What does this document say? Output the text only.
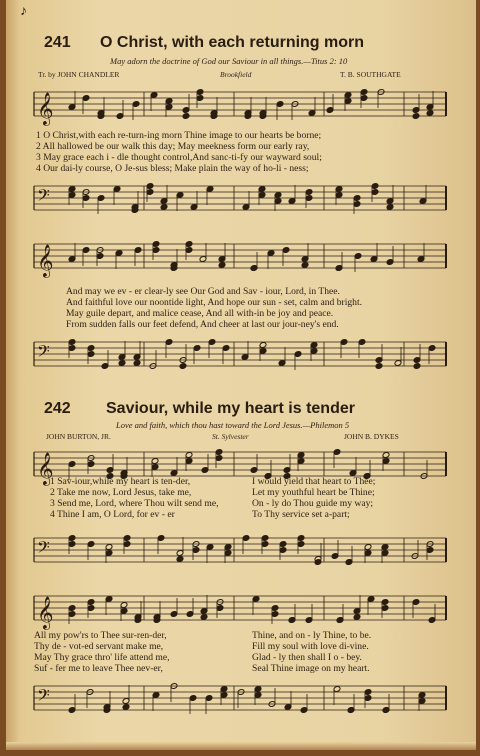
♪
241 O Christ, with each returning morn
May adorn the doctrine of God our Saviour in all things.—Titus 2: 10
Tr. by JOHN CHANDLER	Brookfield	T. B. SOUTHGATE
𝄞
1 O Christ,with each re-turn-ing morn Thine image to our hearts be borne;
2 All hallowed be our walk this day; May meekness form our early ray,
3 May grace each i - dle thought control,And sanc-ti-fy our wayward soul;
4 Our dai-ly course, O Je-sus bless; Make plain the way of ho-li - ness;
𝄢
𝄞
And may we ev - er clear-ly see Our God and Sav - iour, Lord, in Thee.
And faithful love our noontide light, And hope our sun - set, calm and bright.
May guile depart, and malice cease, And all with-in be joy and peace.
From sudden falls our feet defend, And cheer at last our jour-ney's end.
𝄢
242 Saviour, while my heart is tender
Love and faith, which thou hast toward the Lord Jesus.—Philemon 5
JOHN BURTON, JR.	St. Sylvester	JOHN B. DYKES
𝄞
1 Sav-iour,while my heart is ten-der,
2 Take me now, Lord Jesus, take me,
3 Send me, Lord, where Thou wilt send me,
4 Thine I am, O Lord, for ev - er
I would yield that heart to Thee;
Let my youthful heart be Thine;
On - ly do Thou guide my way;
To Thy service set a-part;
𝄢
𝄞
All my pow'rs to Thee sur-ren-der,
Thy de - vot-ed servant make me,
May Thy grace thro' life attend me,
Suf - fer me to leave Thee nev-er,
Thine, and on - ly Thine, to be.
Fill my soul with love di-vine.
Glad - ly then shall I o - bey.
Seal Thine image on my heart.
𝄢
